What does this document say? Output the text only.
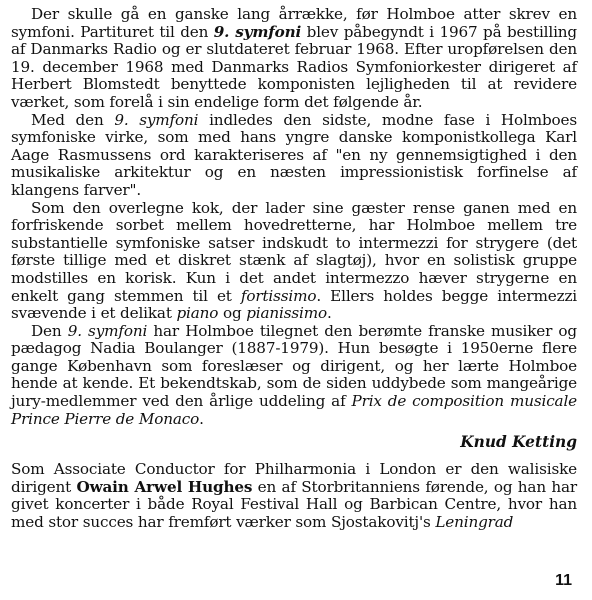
Der skulle gå en ganske lang årrække, før Holmboe atter skrev en symfoni. Partituret til den 9. symfoni blev påbegyndt i 1967 på bestilling af Danmarks Radio og er slutdateret februar 1968. Efter uropførelsen den 19. december 1968 med Danmarks Radios Symfoniorkester dirigeret af Herbert Blomstedt benyttede komponisten lejligheden til at revidere værket, som forelå i sin endelige form det følgende år.

Med den 9. symfoni indledes den sidste, modne fase i Holmboes symfoniske virke, som med hans yngre danske komponistkollega Karl Aage Rasmussens ord karakteriseres af "en ny gennemsigtighed i den musikaliske arkitektur og en næsten impressionistisk forfinelse af klangens farver".

Som den overlegne kok, der lader sine gæster rense ganen med en forfriskende sorbet mellem hovedretterne, har Holmboe mellem tre substantielle symfoniske satser indskudt to intermezzi for strygere (det første tillige med et diskret stænk af slagtøj), hvor en solistisk gruppe modstilles en korisk. Kun i det andet intermezzo hæver strygerne en enkelt gang stemmen til et fortissimo. Ellers holdes begge intermezzi svævende i et delikat piano og pianissimo.

Den 9. symfoni har Holmboe tilegnet den berømte franske musiker og pædagog Nadia Boulanger (1887-1979). Hun besøgte i 1950erne flere gange København som foreslæser og dirigent, og her lærte Holmboe hende at kende. Et bekendtskab, som de siden uddybede som mangeårige jury-medlemmer ved den årlige uddeling af Prix de composition musicale Prince Pierre de Monaco.

Knud Ketting

Som Associate Conductor for Philharmonia i London er den walisiske dirigent Owain Arwel Hughes en af Storbritanniens førende, og han har givet koncerter i både Royal Festival Hall og Barbican Centre, hvor han med stor succes har fremført værker som Sjostakovitj's Leningrad

11
